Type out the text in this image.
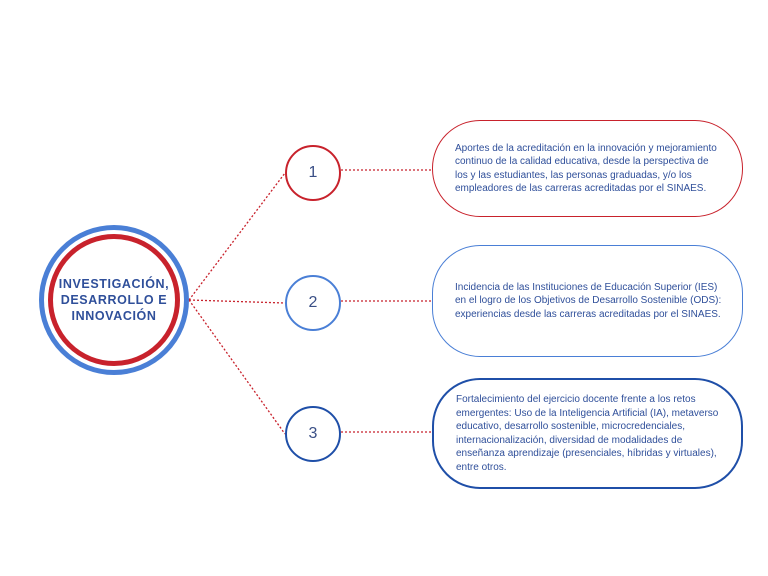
INVESTIGACIÓN,
DESARROLLO E
INNOVACIÓN
1
2
3
Aportes de la acreditación en la innovación y mejoramiento continuo de la calidad educativa, desde la perspectiva de los y las estudiantes, las personas graduadas, y/o los empleadores de las carreras acreditadas por el SINAES.
Incidencia de las Instituciones de Educación Superior (IES) en el logro de los Objetivos de Desarrollo Sostenible (ODS): experiencias desde las carreras acreditadas por el SINAES.
Fortalecimiento del ejercicio docente frente a los retos emergentes: Uso de la Inteligencia Artificial (IA), metaverso educativo, desarrollo sostenible, microcredenciales, internacionalización, diversidad de modalidades de enseñanza aprendizaje (presenciales, híbridas y virtuales), entre otros.
